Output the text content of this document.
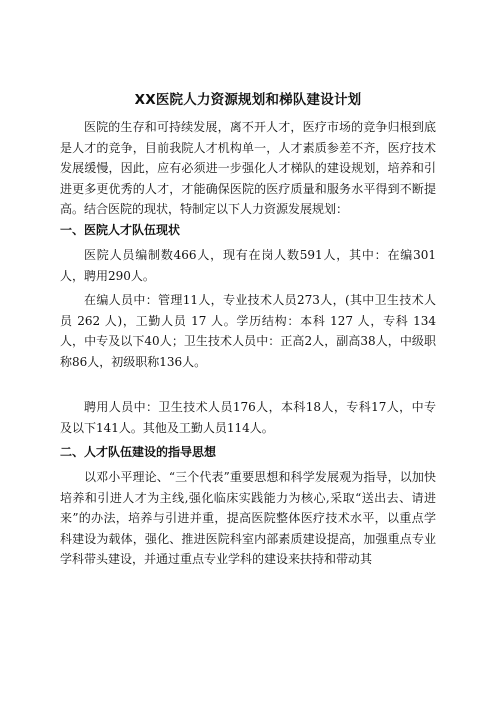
XX医院人力资源规划和梯队建设计划

医院的生存和可持续发展，离不开人才，医疗市场的竞争归根到底是人才的竞争，目前我院人才机构单一，人才素质参差不齐，医疗技术发展缓慢，因此，应有必须进一步强化人才梯队的建设规划，培养和引进更多更优秀的人才，才能确保医院的医疗质量和服务水平得到不断提高。结合医院的现状，特制定以下人力资源发展规划：

一、医院人才队伍现状

医院人员编制数466人，现有在岗人数591人，其中：在编301人，聘用290人。

在编人员中：管理11人，专业技术人员273人，(其中卫生技术人员 262 人)，工勤人员 17 人。学历结构：本科 127 人，专科 134 人，中专及以下40人；卫生技术人员中：正高2人，副高38人，中级职称86人，初级职称136人。

聘用人员中：卫生技术人员176人，本科18人，专科17人，中专及以下141人。其他及工勤人员114人。

二、人才队伍建设的指导思想

以邓小平理论、“三个代表”重要思想和科学发展观为指导，以加快培养和引进人才为主线,强化临床实践能力为核心,采取“送出去、请进来”的办法，培养与引进并重，提高医院整体医疗技术水平，以重点学科建设为载体，强化、推进医院科室内部素质建设提高，加强重点专业学科带头建设，并通过重点专业学科的建设来扶持和带动其
